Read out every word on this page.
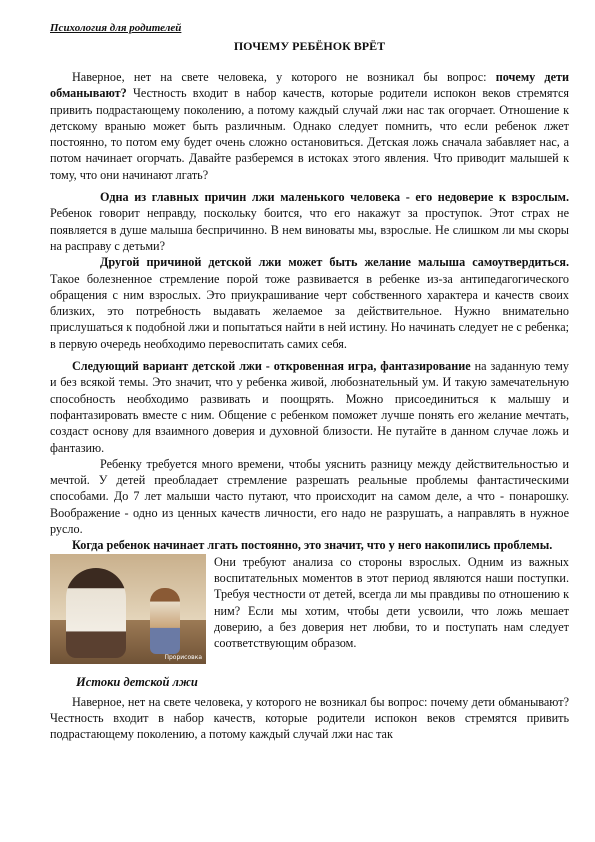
Психология для родителей
ПОЧЕМУ РЕБЁНОК ВРЁТ

Наверное, нет на свете человека, у которого не возникал бы вопрос: почему дети обманывают? Честность входит в набор качеств, которые родители испокон веков стремятся привить подрастающему поколению, а потому каждый случай лжи нас так огорчает. Отношение к детскому враныю может быть различным. Однако следует помнить, что если ребенок лжет постоянно, то потом ему будет очень сложно остановиться. Детская ложь сначала забавляет нас, а потом начинает огорчать. Давайте разберемся в истоках этого явления. Что приводит малышей к тому, что они начинают лгать?

Одна из главных причин лжи маленького человека - его недоверие к взрослым. Ребенок говорит неправду, поскольку боится, что его накажут за проступок. Этот страх не появляется в душе малыша беспричинно. В нем виноваты мы, взрослые. Не слишком ли мы скоры на расправу с детьми?

Другой причиной детской лжи может быть желание малыша самоутвердиться. Такое болезненное стремление порой тоже развивается в ребенке из-за антипедагогического обращения с ним взрослых. Это приукрашивание черт собственного характера и качеств своих близких, это потребность выдавать желаемое за действительное. Нужно внимательно прислушаться к подобной лжи и попытаться найти в ней истину. Но начинать следует не с ребенка; в первую очередь необходимо перевоспитать самих себя.

Следующий вариант детской лжи - откровенная игра, фантазирование на заданную тему и без всякой темы. Это значит, что у ребенка живой, любознательный ум. И такую замечательную способность необходимо развивать и поощрять. Можно присоединиться к малышу и пофантазировать вместе с ним. Общение с ребенком поможет лучше понять его желание мечтать, создаст основу для взаимного доверия и духовной близости. Не путайте в данном случае ложь и фантазию.

Ребенку требуется много времени, чтобы уяснить разницу между действительностью и мечтой. У детей преобладает стремление разрешать реальные проблемы фантастическими способами. До 7 лет малыши часто путают, что происходит на самом деле, а что - понарошку. Воображение - одно из ценных качеств личности, его надо не разрушать, а направлять в нужное русло.

Когда ребенок начинает лгать постоянно, это значит, что у него накопились проблемы.

Прорисовка

Они требуют анализа со стороны взрослых. Одним из важных воспитательных моментов в этот период являются наши поступки. Требуя честности от детей, всегда ли мы правдивы по отношению к ним? Если мы хотим, чтобы дети усвоили, что ложь мешает доверию, а без доверия нет любви, то и поступать нам следует соответствующим образом.

Истоки детской лжи

Наверное, нет на свете человека, у которого не возникал бы вопрос: почему дети обманывают? Честность входит в набор качеств, которые родители испокон веков стремятся привить подрастающему поколению, а потому каждый случай лжи нас так
